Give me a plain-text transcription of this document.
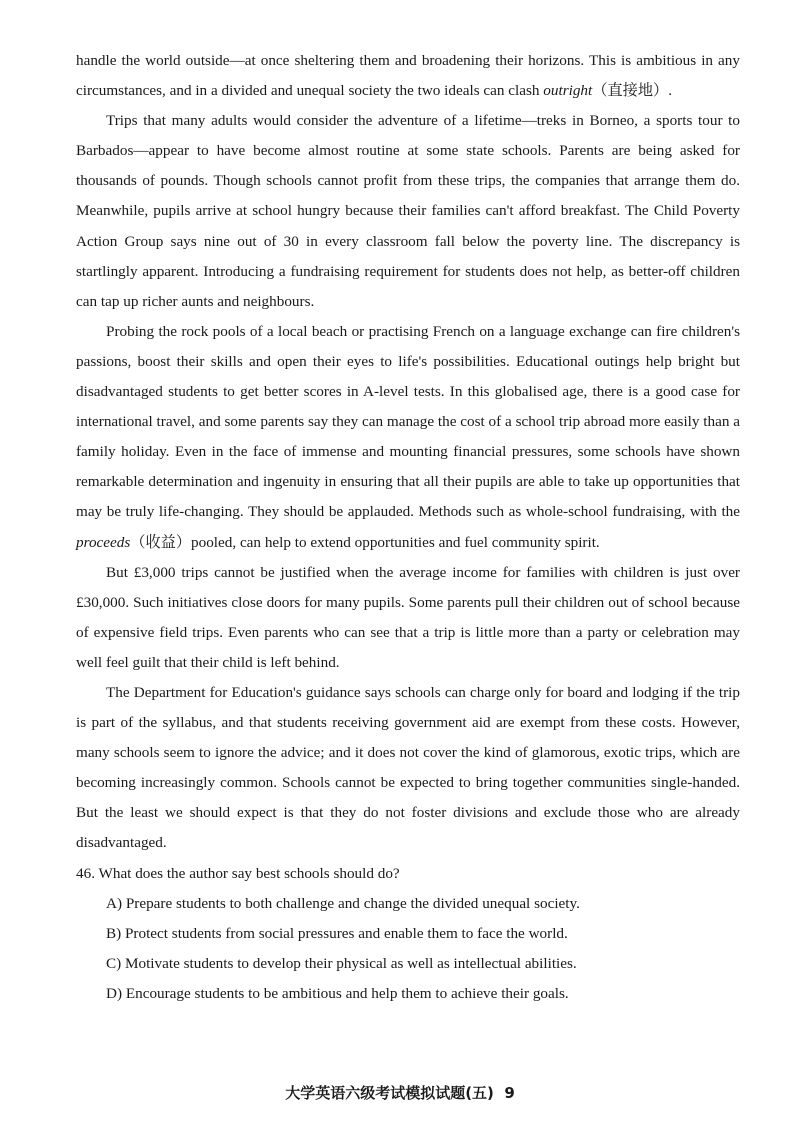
handle the world outside—at once sheltering them and broadening their horizons. This is ambitious in any circumstances, and in a divided and unequal society the two ideals can clash outright（直接地）.

Trips that many adults would consider the adventure of a lifetime—treks in Borneo, a sports tour to Barbados—appear to have become almost routine at some state schools. Parents are being asked for thousands of pounds. Though schools cannot profit from these trips, the companies that arrange them do. Meanwhile, pupils arrive at school hungry because their families can't afford breakfast. The Child Poverty Action Group says nine out of 30 in every classroom fall below the poverty line. The discrepancy is startlingly apparent. Introducing a fundraising requirement for students does not help, as better-off children can tap up richer aunts and neighbours.

Probing the rock pools of a local beach or practising French on a language exchange can fire children's passions, boost their skills and open their eyes to life's possibilities. Educational outings help bright but disadvantaged students to get better scores in A-level tests. In this globalised age, there is a good case for international travel, and some parents say they can manage the cost of a school trip abroad more easily than a family holiday. Even in the face of immense and mounting financial pressures, some schools have shown remarkable determination and ingenuity in ensuring that all their pupils are able to take up opportunities that may be truly life-changing. They should be applauded. Methods such as whole-school fundraising, with the proceeds（收益）pooled, can help to extend opportunities and fuel community spirit.

But £3,000 trips cannot be justified when the average income for families with children is just over £30,000. Such initiatives close doors for many pupils. Some parents pull their children out of school because of expensive field trips. Even parents who can see that a trip is little more than a party or celebration may well feel guilt that their child is left behind.

The Department for Education's guidance says schools can charge only for board and lodging if the trip is part of the syllabus, and that students receiving government aid are exempt from these costs. However, many schools seem to ignore the advice; and it does not cover the kind of glamorous, exotic trips, which are becoming increasingly common. Schools cannot be expected to bring together communities single-handed. But the least we should expect is that they do not foster divisions and exclude those who are already disadvantaged.

46. What does the author say best schools should do?

A) Prepare students to both challenge and change the divided unequal society.

B) Protect students from social pressures and enable them to face the world.

C) Motivate students to develop their physical as well as intellectual abilities.

D) Encourage students to be ambitious and help them to achieve their goals.

大学英语六级考试模拟试题(五) 9
